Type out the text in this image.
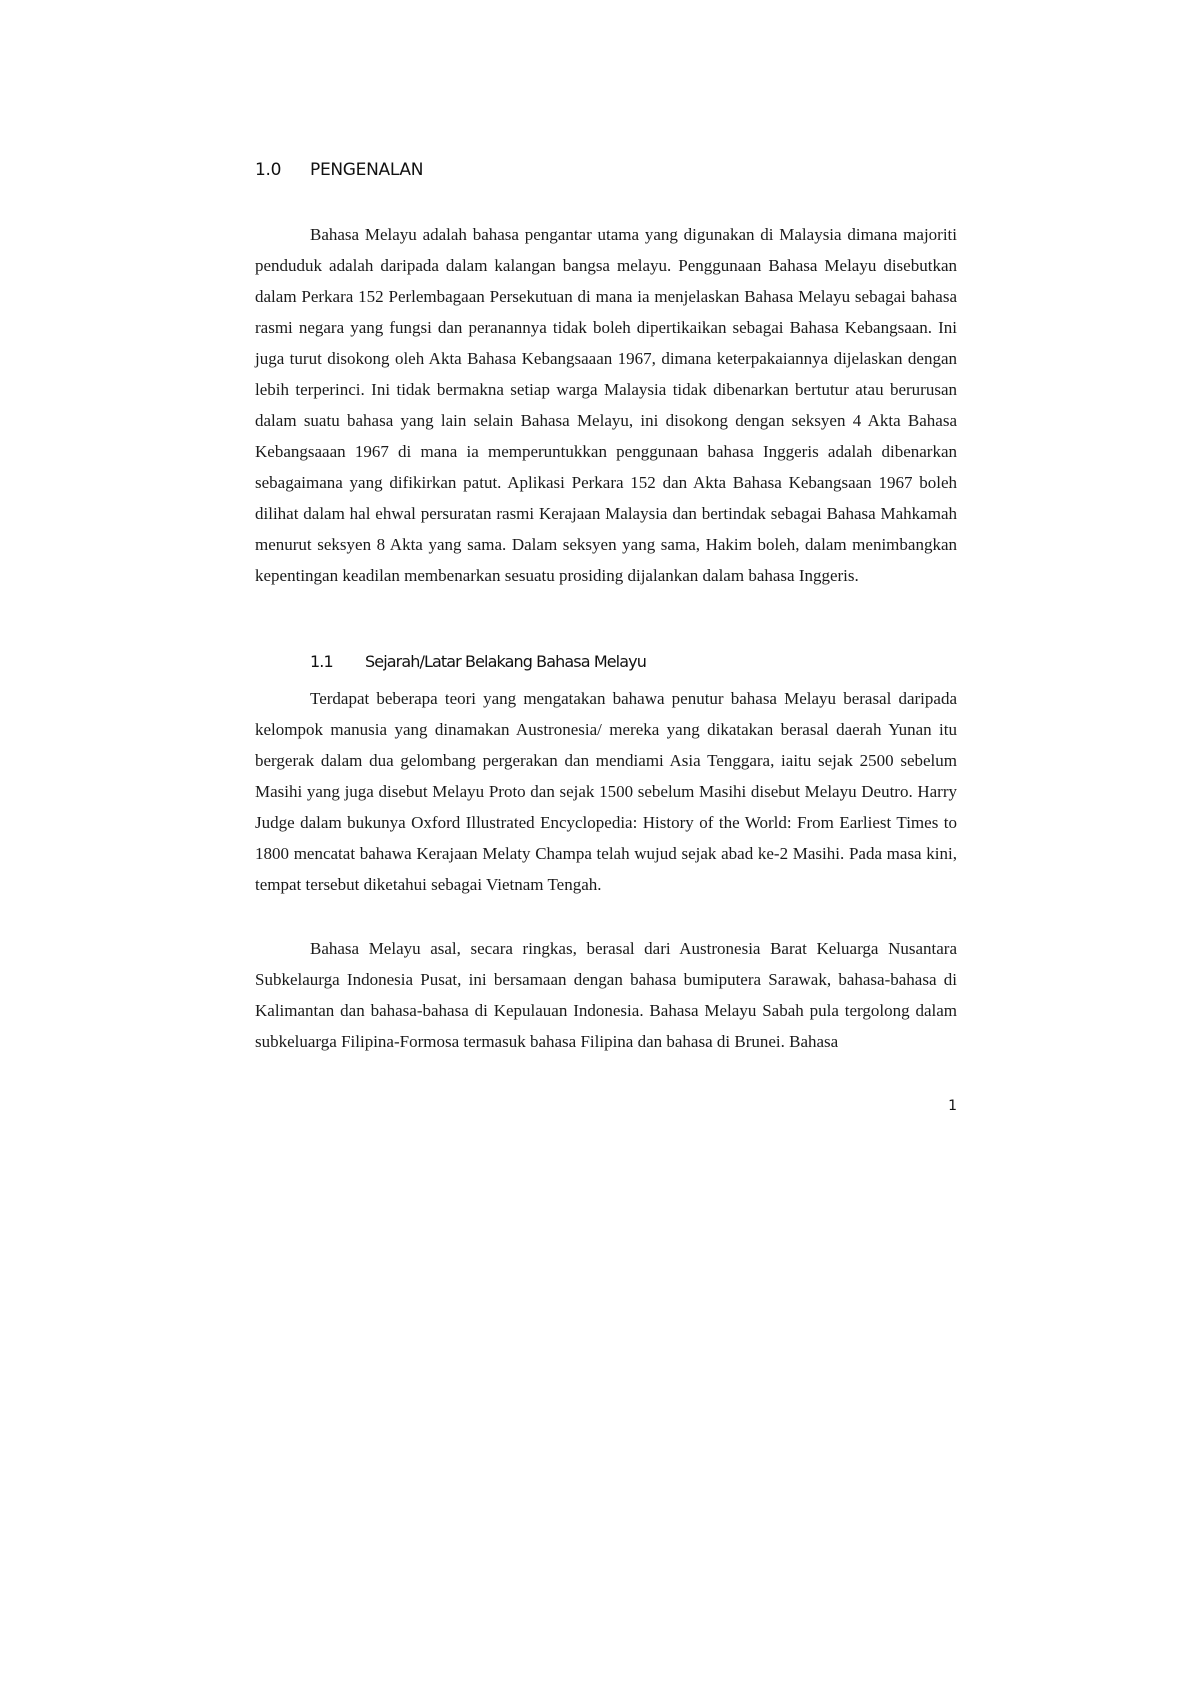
1.0	PENGENALAN

Bahasa Melayu adalah bahasa pengantar utama yang digunakan di Malaysia dimana majoriti penduduk adalah daripada dalam kalangan bangsa melayu. Penggunaan Bahasa Melayu disebutkan dalam Perkara 152 Perlembagaan Persekutuan di mana ia menjelaskan Bahasa Melayu sebagai bahasa rasmi negara yang fungsi dan peranannya tidak boleh dipertikaikan sebagai Bahasa Kebangsaan. Ini juga turut disokong oleh Akta Bahasa Kebangsaaan 1967, dimana keterpakaiannya dijelaskan dengan lebih terperinci. Ini tidak bermakna setiap warga Malaysia tidak dibenarkan bertutur atau berurusan dalam suatu bahasa yang lain selain Bahasa Melayu, ini disokong dengan seksyen 4 Akta Bahasa Kebangsaaan 1967 di mana ia memperuntukkan penggunaan bahasa Inggeris adalah dibenarkan sebagaimana yang difikirkan patut. Aplikasi Perkara 152 dan Akta Bahasa Kebangsaan 1967 boleh dilihat dalam hal ehwal persuratan rasmi Kerajaan Malaysia dan bertindak sebagai Bahasa Mahkamah menurut seksyen 8 Akta yang sama. Dalam seksyen yang sama, Hakim boleh, dalam menimbangkan kepentingan keadilan membenarkan sesuatu prosiding dijalankan dalam bahasa Inggeris.

1.1	Sejarah/Latar Belakang Bahasa Melayu

Terdapat beberapa teori yang mengatakan bahawa penutur bahasa Melayu berasal daripada kelompok manusia yang dinamakan Austronesia/ mereka yang dikatakan berasal daerah Yunan itu bergerak dalam dua gelombang pergerakan dan mendiami Asia Tenggara, iaitu sejak 2500 sebelum Masihi yang juga disebut Melayu Proto dan sejak 1500 sebelum Masihi disebut Melayu Deutro. Harry Judge dalam bukunya Oxford Illustrated Encyclopedia: History of the World: From Earliest Times to 1800 mencatat bahawa Kerajaan Melaty Champa telah wujud sejak abad ke-2 Masihi. Pada masa kini, tempat tersebut diketahui sebagai Vietnam Tengah.

Bahasa Melayu asal, secara ringkas, berasal dari Austronesia Barat Keluarga Nusantara Subkelaurga Indonesia Pusat, ini bersamaan dengan bahasa bumiputera Sarawak, bahasa-bahasa di Kalimantan dan bahasa-bahasa di Kepulauan Indonesia. Bahasa Melayu Sabah pula tergolong dalam subkeluarga Filipina-Formosa termasuk bahasa Filipina dan bahasa di Brunei. Bahasa

1
